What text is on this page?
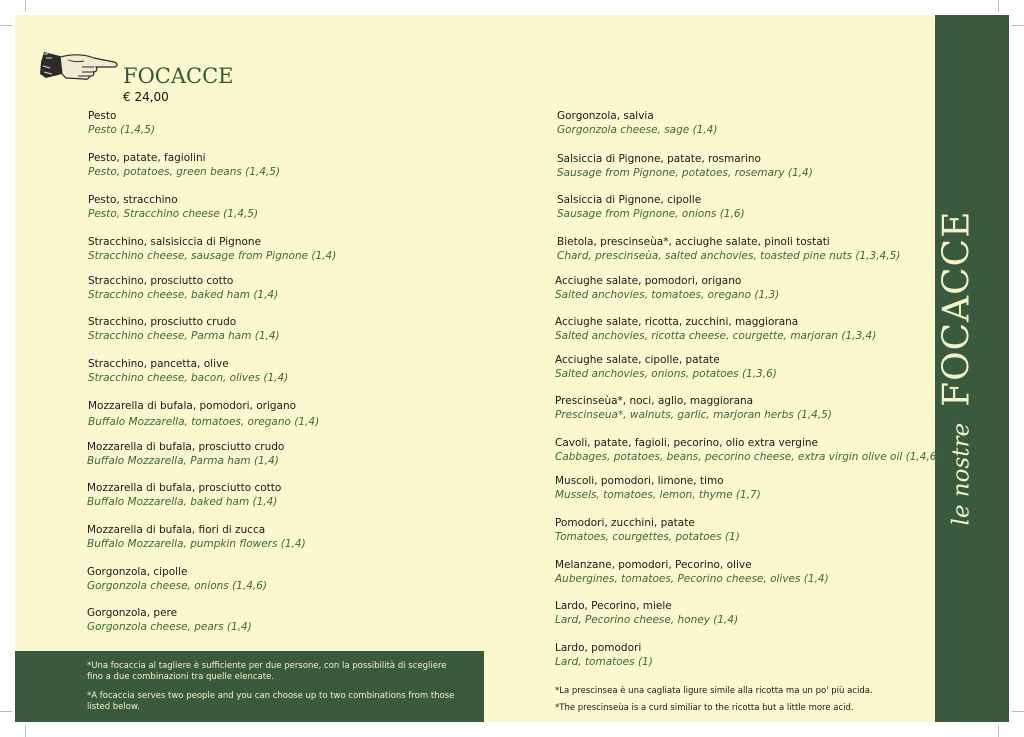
*Una focaccia al tagliere è sufficiente per due persone, con la possibilità di scegliere fino a due combinazioni tra quelle elencate.
*A focaccia serves two people and you can choose up to two combinations from those listed below.
*La prescinsea è una cagliata ligure simile alla ricotta ma un po' più acida.
*The prescinseùa is a curd similiar to the ricotta but a little more acid.
le nostreFOCACCE
FOCACCE
€ 24,00
Pesto
Pesto (1,4,5)
Pesto, patate, fagiolini
Pesto, potatoes, green beans (1,4,5)
Pesto, stracchino
Pesto, Stracchino cheese (1,4,5)
Stracchino, salsisiccia di Pignone
Stracchino cheese, sausage from Pignone (1,4)
Stracchino, prosciutto cotto
Stracchino cheese, baked ham (1,4)
Stracchino, prosciutto crudo
Stracchino cheese, Parma ham (1,4)
Stracchino, pancetta, olive
Stracchino cheese, bacon, olives (1,4)
Mozzarella di bufala, pomodori, origano
Buffalo Mozzarella, tomatoes, oregano (1,4)
Mozzarella di bufala, prosciutto crudo
Buffalo Mozzarella, Parma ham (1,4)
Mozzarella di bufala, prosciutto cotto
Buffalo Mozzarella, baked ham (1,4)
Mozzarella di bufala, fiori di zucca
Buffalo Mozzarella, pumpkin flowers (1,4)
Gorgonzola, cipolle
Gorgonzola cheese, onions (1,4,6)
Gorgonzola, pere
Gorgonzola cheese, pears (1,4)
Gorgonzola, salvia
Gorgonzola cheese, sage (1,4)
Salsiccia di Pignone, patate, rosmarino
Sausage from Pignone, potatoes, rosemary (1,4)
Salsiccia di Pignone, cipolle
Sausage from Pignone, onions (1,6)
Bietola, prescinseùa*, acciughe salate, pinoli tostati
Chard, prescinseùa, salted anchovies, toasted pine nuts (1,3,4,5)
Acciughe salate, pomodori, origano
Salted anchovies, tomatoes, oregano (1,3)
Acciughe salate, ricotta, zucchini, maggiorana
Salted anchovies, ricotta cheese, courgette, marjoran (1,3,4)
Acciughe salate, cipolle, patate
Salted anchovies, onions, potatoes (1,3,6)
Prescinseùa*, noci, aglio, maggiorana
Prescinseua*, walnuts, garlic, marjoran herbs (1,4,5)
Cavoli, patate, fagioli, pecorino, olio extra vergine
Cabbages, potatoes, beans, pecorino cheese, extra virgin olive oil (1,4,6)
Muscoli, pomodori, limone, timo
Mussels, tomatoes, lemon, thyme (1,7)
Pomodori, zucchini, patate
Tomatoes, courgettes, potatoes (1)
Melanzane, pomodori, Pecorino, olive
Aubergines, tomatoes, Pecorino cheese, olives (1,4)
Lardo, Pecorino, miele
Lard, Pecorino cheese, honey (1,4)
Lardo, pomodori
Lard, tomatoes (1)
